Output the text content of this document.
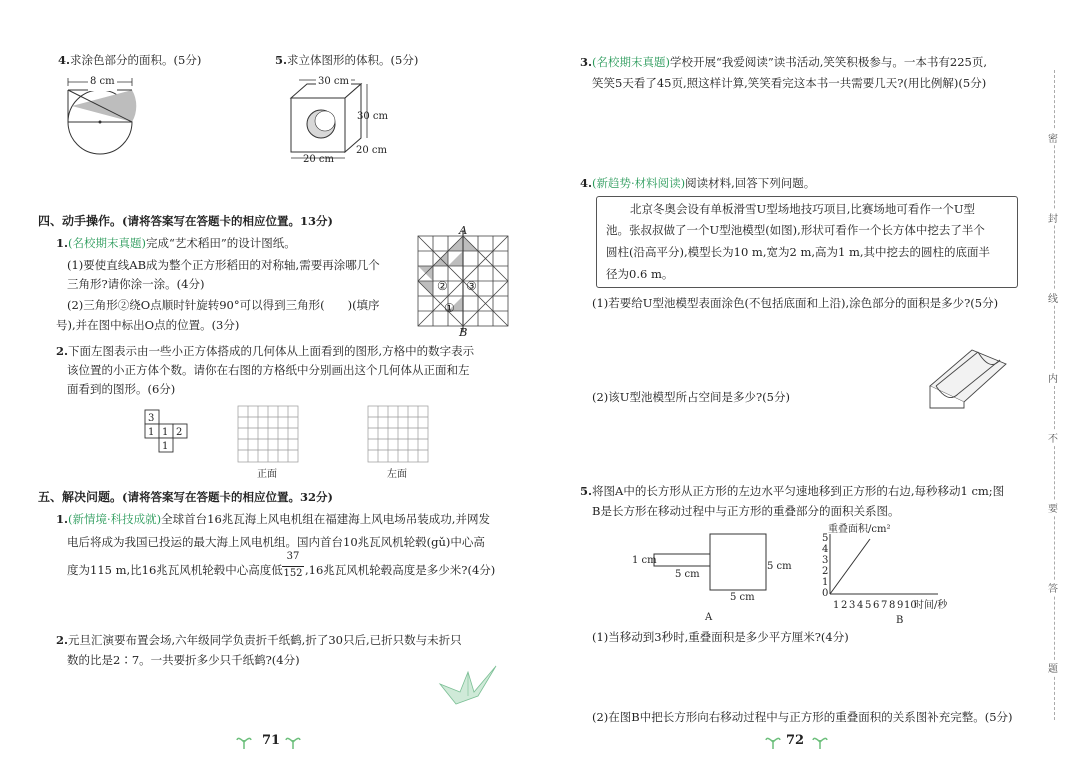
4.求涂色部分的面积。(5分)
8 cm
5.求立体图形的体积。(5分)
30 cm
30 cm
20 cm
20 cm
四、动手操作。(请将答案写在答题卡的相应位置。13分)
1.(名校期末真题)完成“艺术稻田”的设计图纸。
(1)要使直线AB成为整个正方形稻田的对称轴,需要再涂哪几个
三角形?请你涂一涂。(4分)
(2)三角形②绕O点顺时针旋转90°可以得到三角形(　　)(填序
号),并在图中标出O点的位置。(3分)
A
B
② ③
①
2.下面左图表示由一些小正方体搭成的几何体从上面看到的图形,方格中的数字表示
该位置的小正方体个数。请你在右图的方格纸中分别画出这个几何体从正面和左
面看到的图形。(6分)
3
1 1 2
1
正面	左面
五、解决问题。(请将答案写在答题卡的相应位置。32分)
1.(新情境·科技成就)全球首台16兆瓦海上风电机组在福建海上风电场吊装成功,并网发
电后将成为我国已投运的最大海上风电机组。国内首台10兆瓦风机轮毂(gǔ)中心高
度为115 m,比16兆瓦风机轮毂中心高度低
37
152 ,16兆瓦风机轮毂高度是多少米?(4分)
2.元旦汇演要布置会场,六年级同学负责折千纸鹤,折了30只后,已折只数与未折只
数的比是2∶7。一共要折多少只千纸鹤?(4分)
71
3.(名校期末真题)学校开展“我爱阅读”读书活动,笑笑积极参与。一本书有225页,
笑笑5天看了45页,照这样计算,笑笑看完这本书一共需要几天?(用比例解)(5分)
4.(新趋势·材料阅读)阅读材料,回答下列问题。
北京冬奥会设有单板滑雪U型场地技巧项目,比赛场地可看作一个U型
池。张叔叔做了一个U型池模型(如图),形状可看作一个长方体中挖去了半个
圆柱(沿高平分),模型长为10 m,宽为2 m,高为1 m,其中挖去的圆柱的底面半
径为0.6 m。
(1)若要给U型池模型表面涂色(不包括底面和上沿),涂色部分的面积是多少?(5分)
(2)该U型池模型所占空间是多少?(5分)
5.将图A中的长方形从正方形的左边水平匀速地移到正方形的右边,每秒移动1 cm;图
B是长方形在移动过程中与正方形的重叠部分的面积关系图。
1 cm
5 cm
5 cm
5 cm
A
重叠面积/cm²
时间/秒
5
4
3
2
1
0
1 2 3 4 5 6 7 8 9 10
B
(1)当移动到3秒时,重叠面积是多少平方厘米?(4分)
(2)在图B中把长方形向右移动过程中与正方形的重叠面积的关系图补充完整。(5分)
72
密
封
线
内
不
要
答
题
